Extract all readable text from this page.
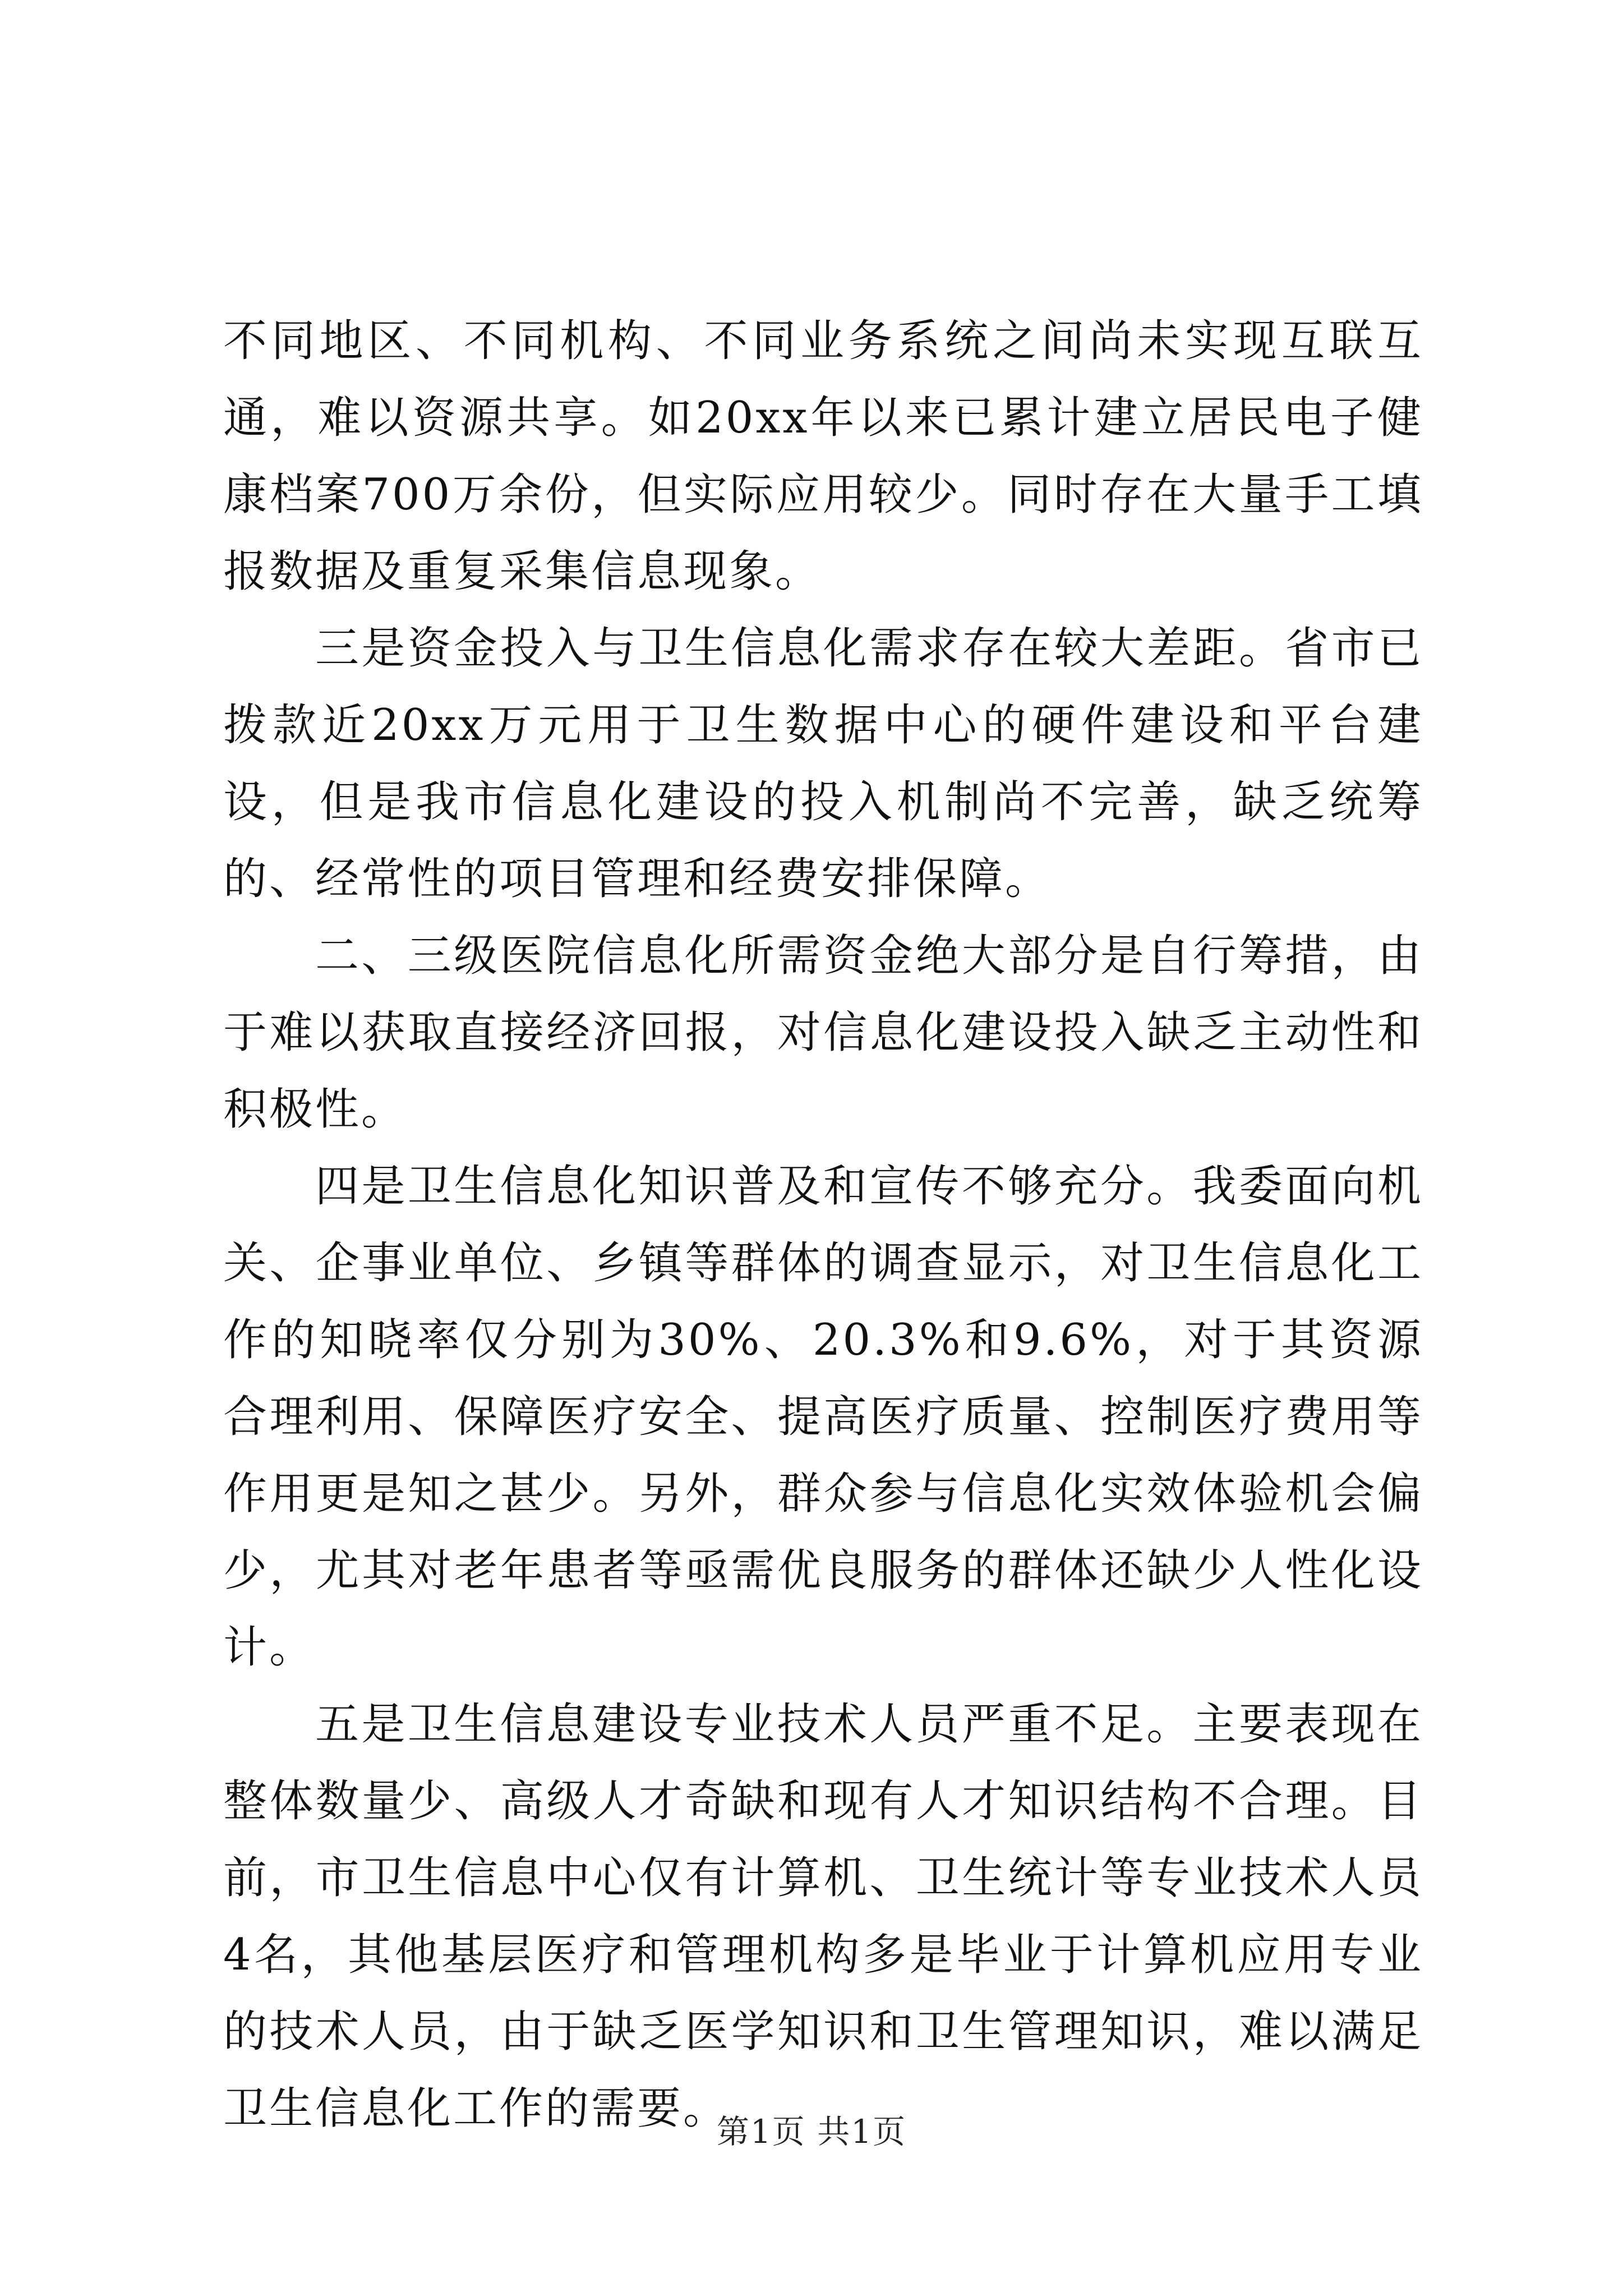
不同地区、不同机构、不同业务系统之间尚未实现互联互通，难以资源共享。如20xx年以来已累计建立居民电子健康档案700万余份，但实际应用较少。同时存在大量手工填报数据及重复采集信息现象。

三是资金投入与卫生信息化需求存在较大差距。省市已拨款近20xx万元用于卫生数据中心的硬件建设和平台建设，但是我市信息化建设的投入机制尚不完善，缺乏统筹的、经常性的项目管理和经费安排保障。

二、三级医院信息化所需资金绝大部分是自行筹措，由于难以获取直接经济回报，对信息化建设投入缺乏主动性和积极性。

四是卫生信息化知识普及和宣传不够充分。我委面向机关、企事业单位、乡镇等群体的调查显示，对卫生信息化工作的知晓率仅分别为30%、20.3%和9.6%，对于其资源合理利用、保障医疗安全、提高医疗质量、控制医疗费用等作用更是知之甚少。另外，群众参与信息化实效体验机会偏少，尤其对老年患者等亟需优良服务的群体还缺少人性化设计。

五是卫生信息建设专业技术人员严重不足。主要表现在整体数量少、高级人才奇缺和现有人才知识结构不合理。目前，市卫生信息中心仅有计算机、卫生统计等专业技术人员4名，其他基层医疗和管理机构多是毕业于计算机应用专业的技术人员，由于缺乏医学知识和卫生管理知识，难以满足卫生信息化工作的需要。

第1页 共1页
